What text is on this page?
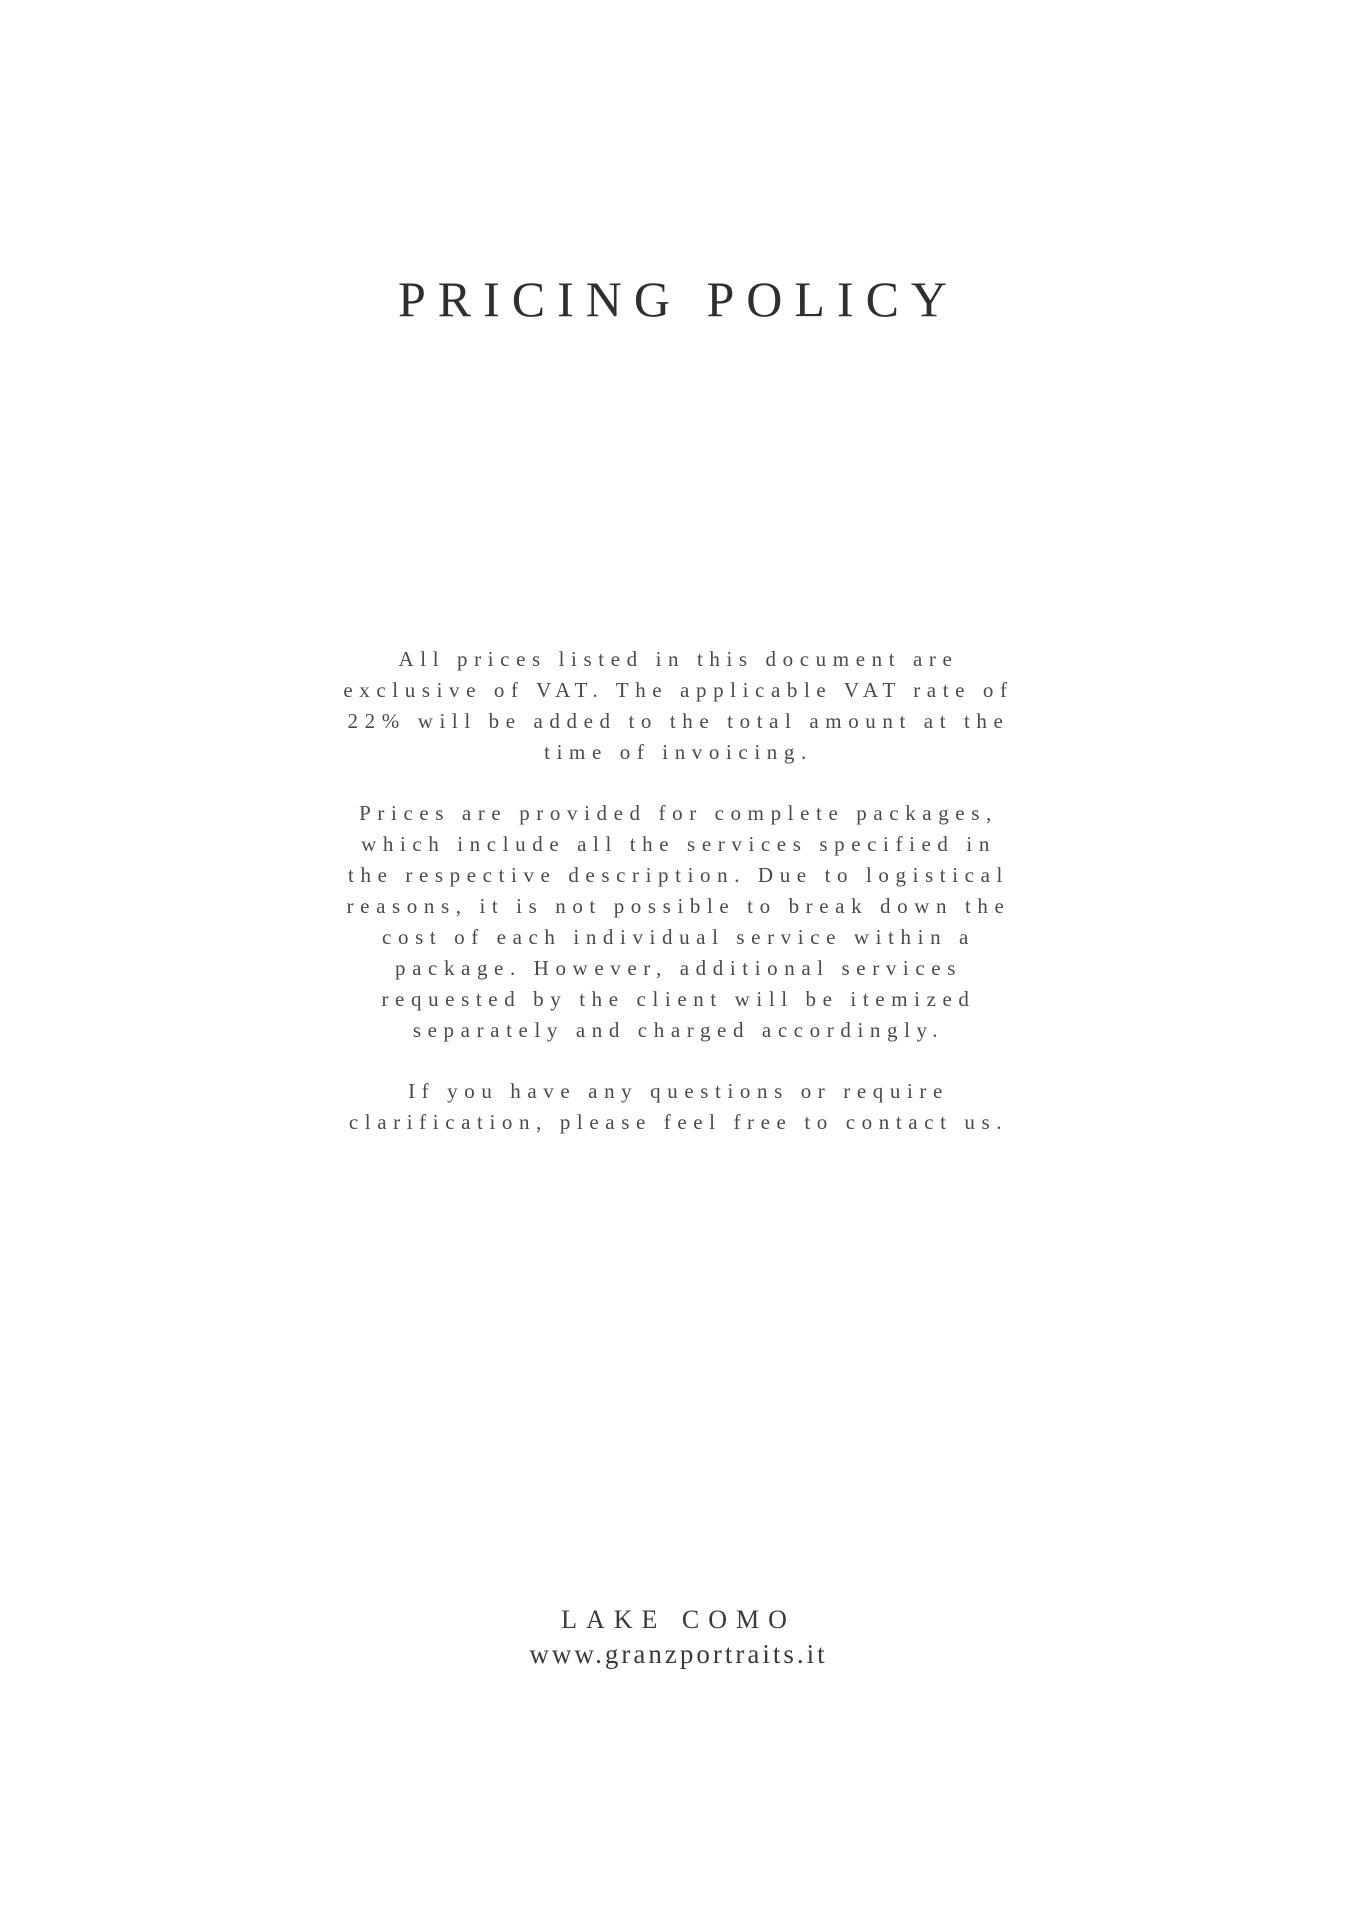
PRICING POLICY

All prices listed in this document are exclusive of VAT. The applicable VAT rate of 22% will be added to the total amount at the time of invoicing.

Prices are provided for complete packages, which include all the services specified in the respective description. Due to logistical reasons, it is not possible to break down the cost of each individual service within a package. However, additional services requested by the client will be itemized separately and charged accordingly.

If you have any questions or require clarification, please feel free to contact us.

LAKE COMO
www.granzportraits.it
